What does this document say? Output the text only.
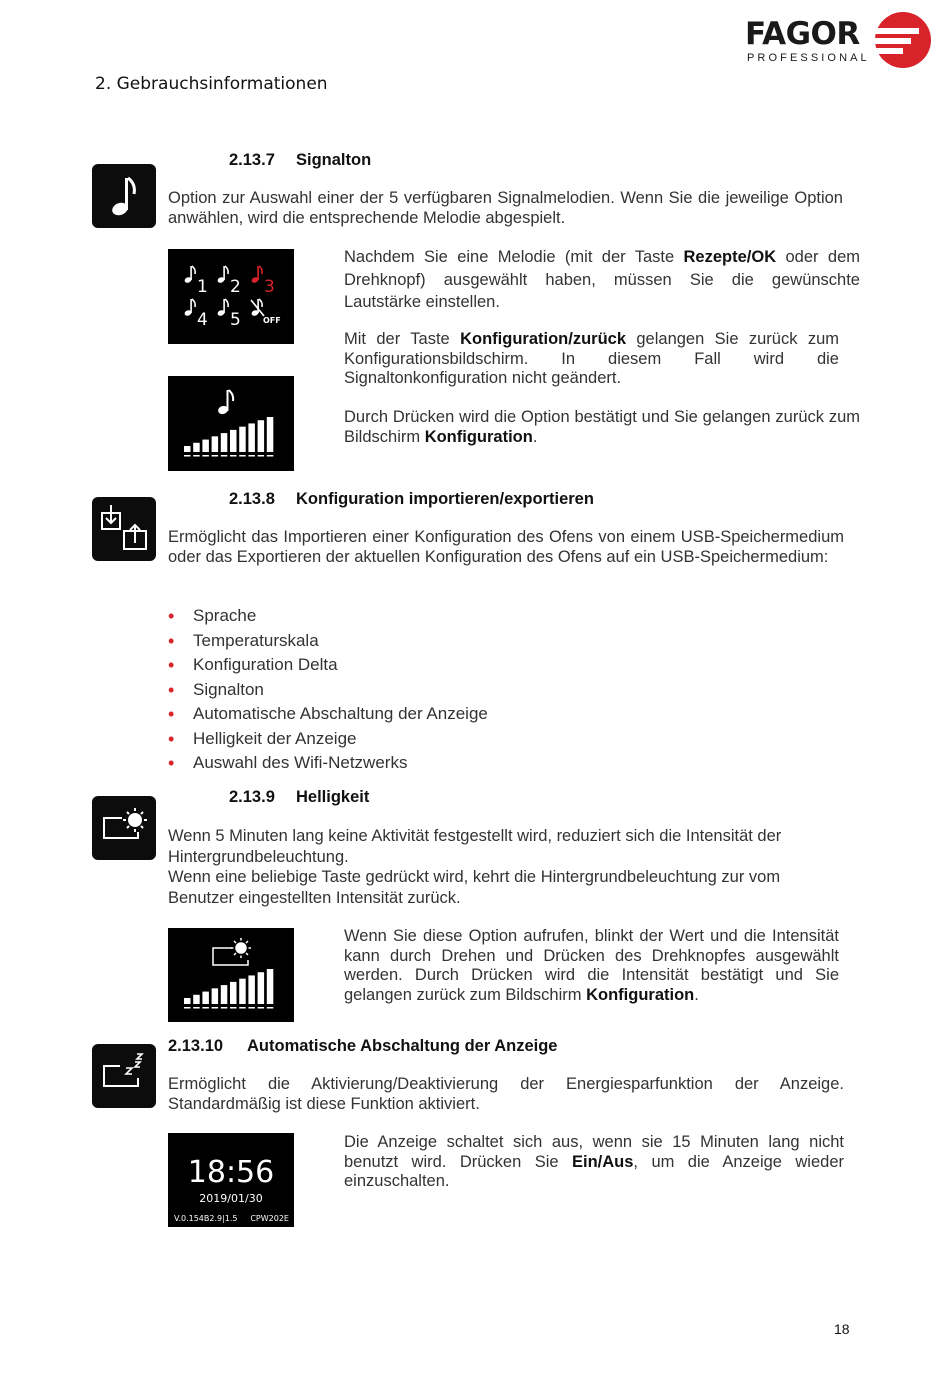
FAGOR
PROFESSIONAL
2. Gebrauchsinformationen
2.13.7 Signalton

Option zur Auswahl einer der 5 verfügbaren Signalmelodien. Wenn Sie die jeweilige Option anwählen, wird die entsprechende Melodie abgespielt.

1 2 3
4 5	OFF

Nachdem Sie eine Melodie (mit der Taste Rezepte/OK oder dem Drehknopf) ausgewählt haben, müssen Sie die gewünschte Lautstärke einstellen.

Mit der Taste Konfiguration/zurück gelangen Sie zurück zum Konfigurationsbildschirm. In diesem Fall wird die Signaltonkonfiguration nicht geändert.

Durch Drücken wird die Option bestätigt und Sie gelangen zurück zum Bildschirm Konfiguration.

2.13.8 Konfiguration importieren/exportieren

Ermöglicht das Importieren einer Konfiguration des Ofens von einem USB-Speichermedium oder das Exportieren der aktuellen Konfiguration des Ofens auf ein USB-Speichermedium:

• Sprache
• Temperaturskala
• Konfiguration Delta
• Signalton
• Automatische Abschaltung der Anzeige
• Helligkeit der Anzeige
• Auswahl des Wifi-Netzwerks
2.13.9 Helligkeit

Wenn 5 Minuten lang keine Aktivität festgestellt wird, reduziert sich die Intensität der Hintergrundbeleuchtung.

Wenn eine beliebige Taste gedrückt wird, kehrt die Hintergrundbeleuchtung zur vom Benutzer eingestellten Intensität zurück.

Wenn Sie diese Option aufrufen, blinkt der Wert und die Intensität kann durch Drehen und Drücken des Drehknopfes ausgewählt werden. Durch Drücken wird die Intensität bestätigt und Sie gelangen zurück zum Bildschirm Konfiguration.

2.13.10 Automatische Abschaltung der Anzeige

Ermöglicht die Aktivierung/Deaktivierung der Energiesparfunktion der Anzeige. Standardmäßig ist diese Funktion aktiviert.

18:56
2019/01/30
V.0.154B2.9|1.5 CPW202E

Die Anzeige schaltet sich aus, wenn sie 15 Minuten lang nicht benutzt wird. Drücken Sie Ein/Aus, um die Anzeige wieder einzuschalten.

18
